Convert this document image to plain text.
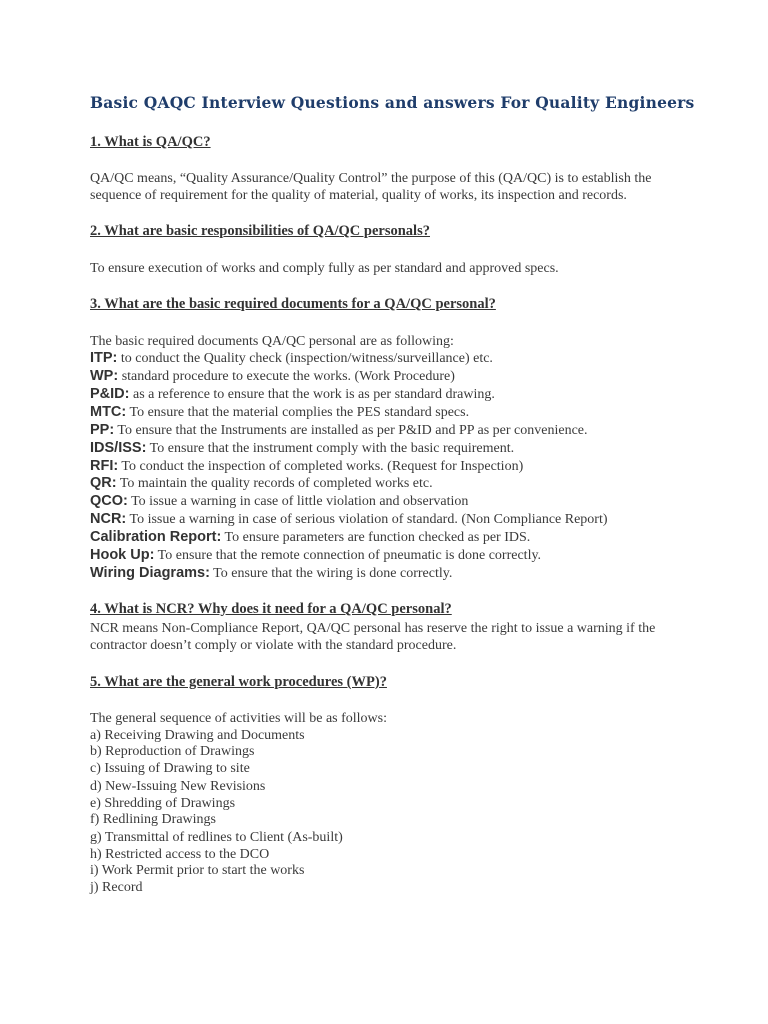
Basic QAQC Interview Questions and answers For Quality Engineers
1. What is QA/QC?
QA/QC means, “Quality Assurance/Quality Control” the purpose of this (QA/QC) is to establish the sequence of requirement for the quality of material, quality of works, its inspection and records.
2. What are basic responsibilities of QA/QC personals?
To ensure execution of works and comply fully as per standard and approved specs.
3. What are the basic required documents for a QA/QC personal?
The basic required documents QA/QC personal are as following:
ITP: to conduct the Quality check (inspection/witness/surveillance) etc.
WP: standard procedure to execute the works. (Work Procedure)
P&ID: as a reference to ensure that the work is as per standard drawing.
MTC: To ensure that the material complies the PES standard specs.
PP: To ensure that the Instruments are installed as per P&ID and PP as per convenience.
IDS/ISS: To ensure that the instrument comply with the basic requirement.
RFI: To conduct the inspection of completed works. (Request for Inspection)
QR: To maintain the quality records of completed works etc.
QCO: To issue a warning in case of little violation and observation
NCR: To issue a warning in case of serious violation of standard. (Non Compliance Report)
Calibration Report: To ensure parameters are function checked as per IDS.
Hook Up: To ensure that the remote connection of pneumatic is done correctly.
Wiring Diagrams: To ensure that the wiring is done correctly.
4. What is NCR? Why does it need for a QA/QC personal?
NCR means Non-Compliance Report, QA/QC personal has reserve the right to issue a warning if the contractor doesn’t comply or violate with the standard procedure.
5. What are the general work procedures (WP)?
The general sequence of activities will be as follows:
a) Receiving Drawing and Documents
b) Reproduction of Drawings
c) Issuing of Drawing to site
d) New-Issuing New Revisions
e) Shredding of Drawings
f) Redlining Drawings
g) Transmittal of redlines to Client (As-built)
h) Restricted access to the DCO
i) Work Permit prior to start the works
j) Record
